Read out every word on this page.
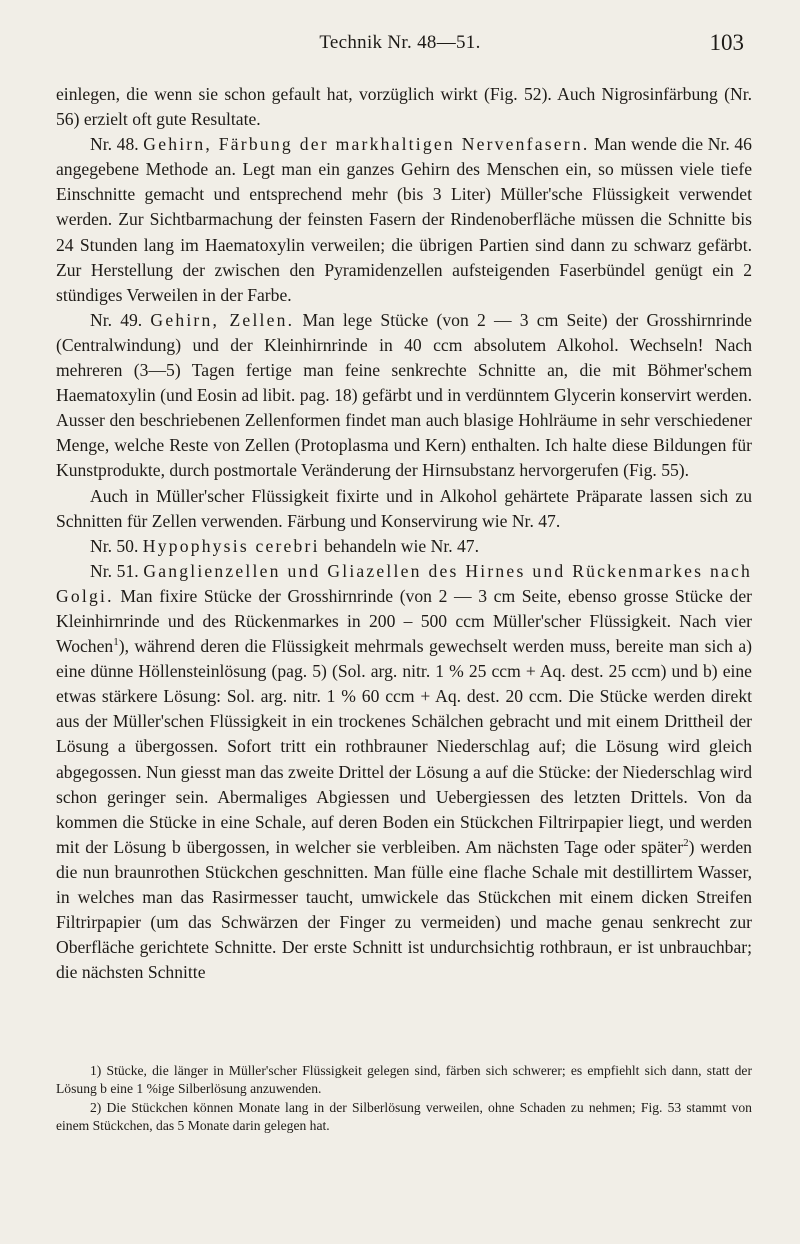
Technik Nr. 48—51.	103

einlegen, die wenn sie schon gefault hat, vorzüglich wirkt (Fig. 52). Auch Nigrosinfärbung (Nr. 56) erzielt oft gute Resultate.

Nr. 48. Gehirn, Färbung der markhaltigen Nervenfasern. Man wende die Nr. 46 angegebene Methode an. Legt man ein ganzes Gehirn des Menschen ein, so müssen viele tiefe Einschnitte gemacht und entsprechend mehr (bis 3 Liter) Müller'sche Flüssigkeit verwendet werden. Zur Sichtbarmachung der feinsten Fasern der Rindenoberfläche müssen die Schnitte bis 24 Stunden lang im Haematoxylin verweilen; die übrigen Partien sind dann zu schwarz gefärbt. Zur Herstellung der zwischen den Pyramidenzellen aufsteigenden Faserbündel genügt ein 2 stündiges Verweilen in der Farbe.

Nr. 49. Gehirn, Zellen. Man lege Stücke (von 2 — 3 cm Seite) der Grosshirnrinde (Centralwindung) und der Kleinhirnrinde in 40 ccm absolutem Alkohol. Wechseln! Nach mehreren (3—5) Tagen fertige man feine senkrechte Schnitte an, die mit Böhmer'schem Haematoxylin (und Eosin ad libit. pag. 18) gefärbt und in verdünntem Glycerin konservirt werden. Ausser den beschriebenen Zellenformen findet man auch blasige Hohlräume in sehr verschiedener Menge, welche Reste von Zellen (Protoplasma und Kern) enthalten. Ich halte diese Bildungen für Kunstprodukte, durch postmortale Veränderung der Hirnsubstanz hervorgerufen (Fig. 55).

Auch in Müller'scher Flüssigkeit fixirte und in Alkohol gehärtete Präparate lassen sich zu Schnitten für Zellen verwenden. Färbung und Konservirung wie Nr. 47.

Nr. 50. Hypophysis cerebri behandeln wie Nr. 47.

Nr. 51. Ganglienzellen und Gliazellen des Hirnes und Rückenmarkes nach Golgi. Man fixire Stücke der Grosshirnrinde (von 2 — 3 cm Seite, ebenso grosse Stücke der Kleinhirnrinde und des Rückenmarkes in 200 – 500 ccm Müller'scher Flüssigkeit. Nach vier Wochen$^1$), während deren die Flüssigkeit mehrmals gewechselt werden muss, bereite man sich a) eine dünne Höllensteinlösung (pag. 5) (Sol. arg. nitr. 1 % 25 ccm + Aq. dest. 25 ccm) und b) eine etwas stärkere Lösung: Sol. arg. nitr. 1 % 60 ccm + Aq. dest. 20 ccm. Die Stücke werden direkt aus der Müller'schen Flüssigkeit in ein trockenes Schälchen gebracht und mit einem Drittheil der Lösung a übergossen. Sofort tritt ein rothbrauner Niederschlag auf; die Lösung wird gleich abgegossen. Nun giesst man das zweite Drittel der Lösung a auf die Stücke: der Niederschlag wird schon geringer sein. Abermaliges Abgiessen und Uebergiessen des letzten Drittels. Von da kommen die Stücke in eine Schale, auf deren Boden ein Stückchen Filtrirpapier liegt, und werden mit der Lösung b übergossen, in welcher sie verbleiben. Am nächsten Tage oder später$^2$) werden die nun braunrothen Stückchen geschnitten. Man fülle eine flache Schale mit destillirtem Wasser, in welches man das Rasirmesser taucht, umwickele das Stückchen mit einem dicken Streifen Filtrirpapier (um das Schwärzen der Finger zu vermeiden) und mache genau senkrecht zur Oberfläche gerichtete Schnitte. Der erste Schnitt ist undurchsichtig rothbraun, er ist unbrauchbar; die nächsten Schnitte

1) Stücke, die länger in Müller'scher Flüssigkeit gelegen sind, färben sich schwerer; es empfiehlt sich dann, statt der Lösung b eine 1 %ige Silberlösung anzuwenden.

2) Die Stückchen können Monate lang in der Silberlösung verweilen, ohne Schaden zu nehmen; Fig. 53 stammt von einem Stückchen, das 5 Monate darin gelegen hat.
